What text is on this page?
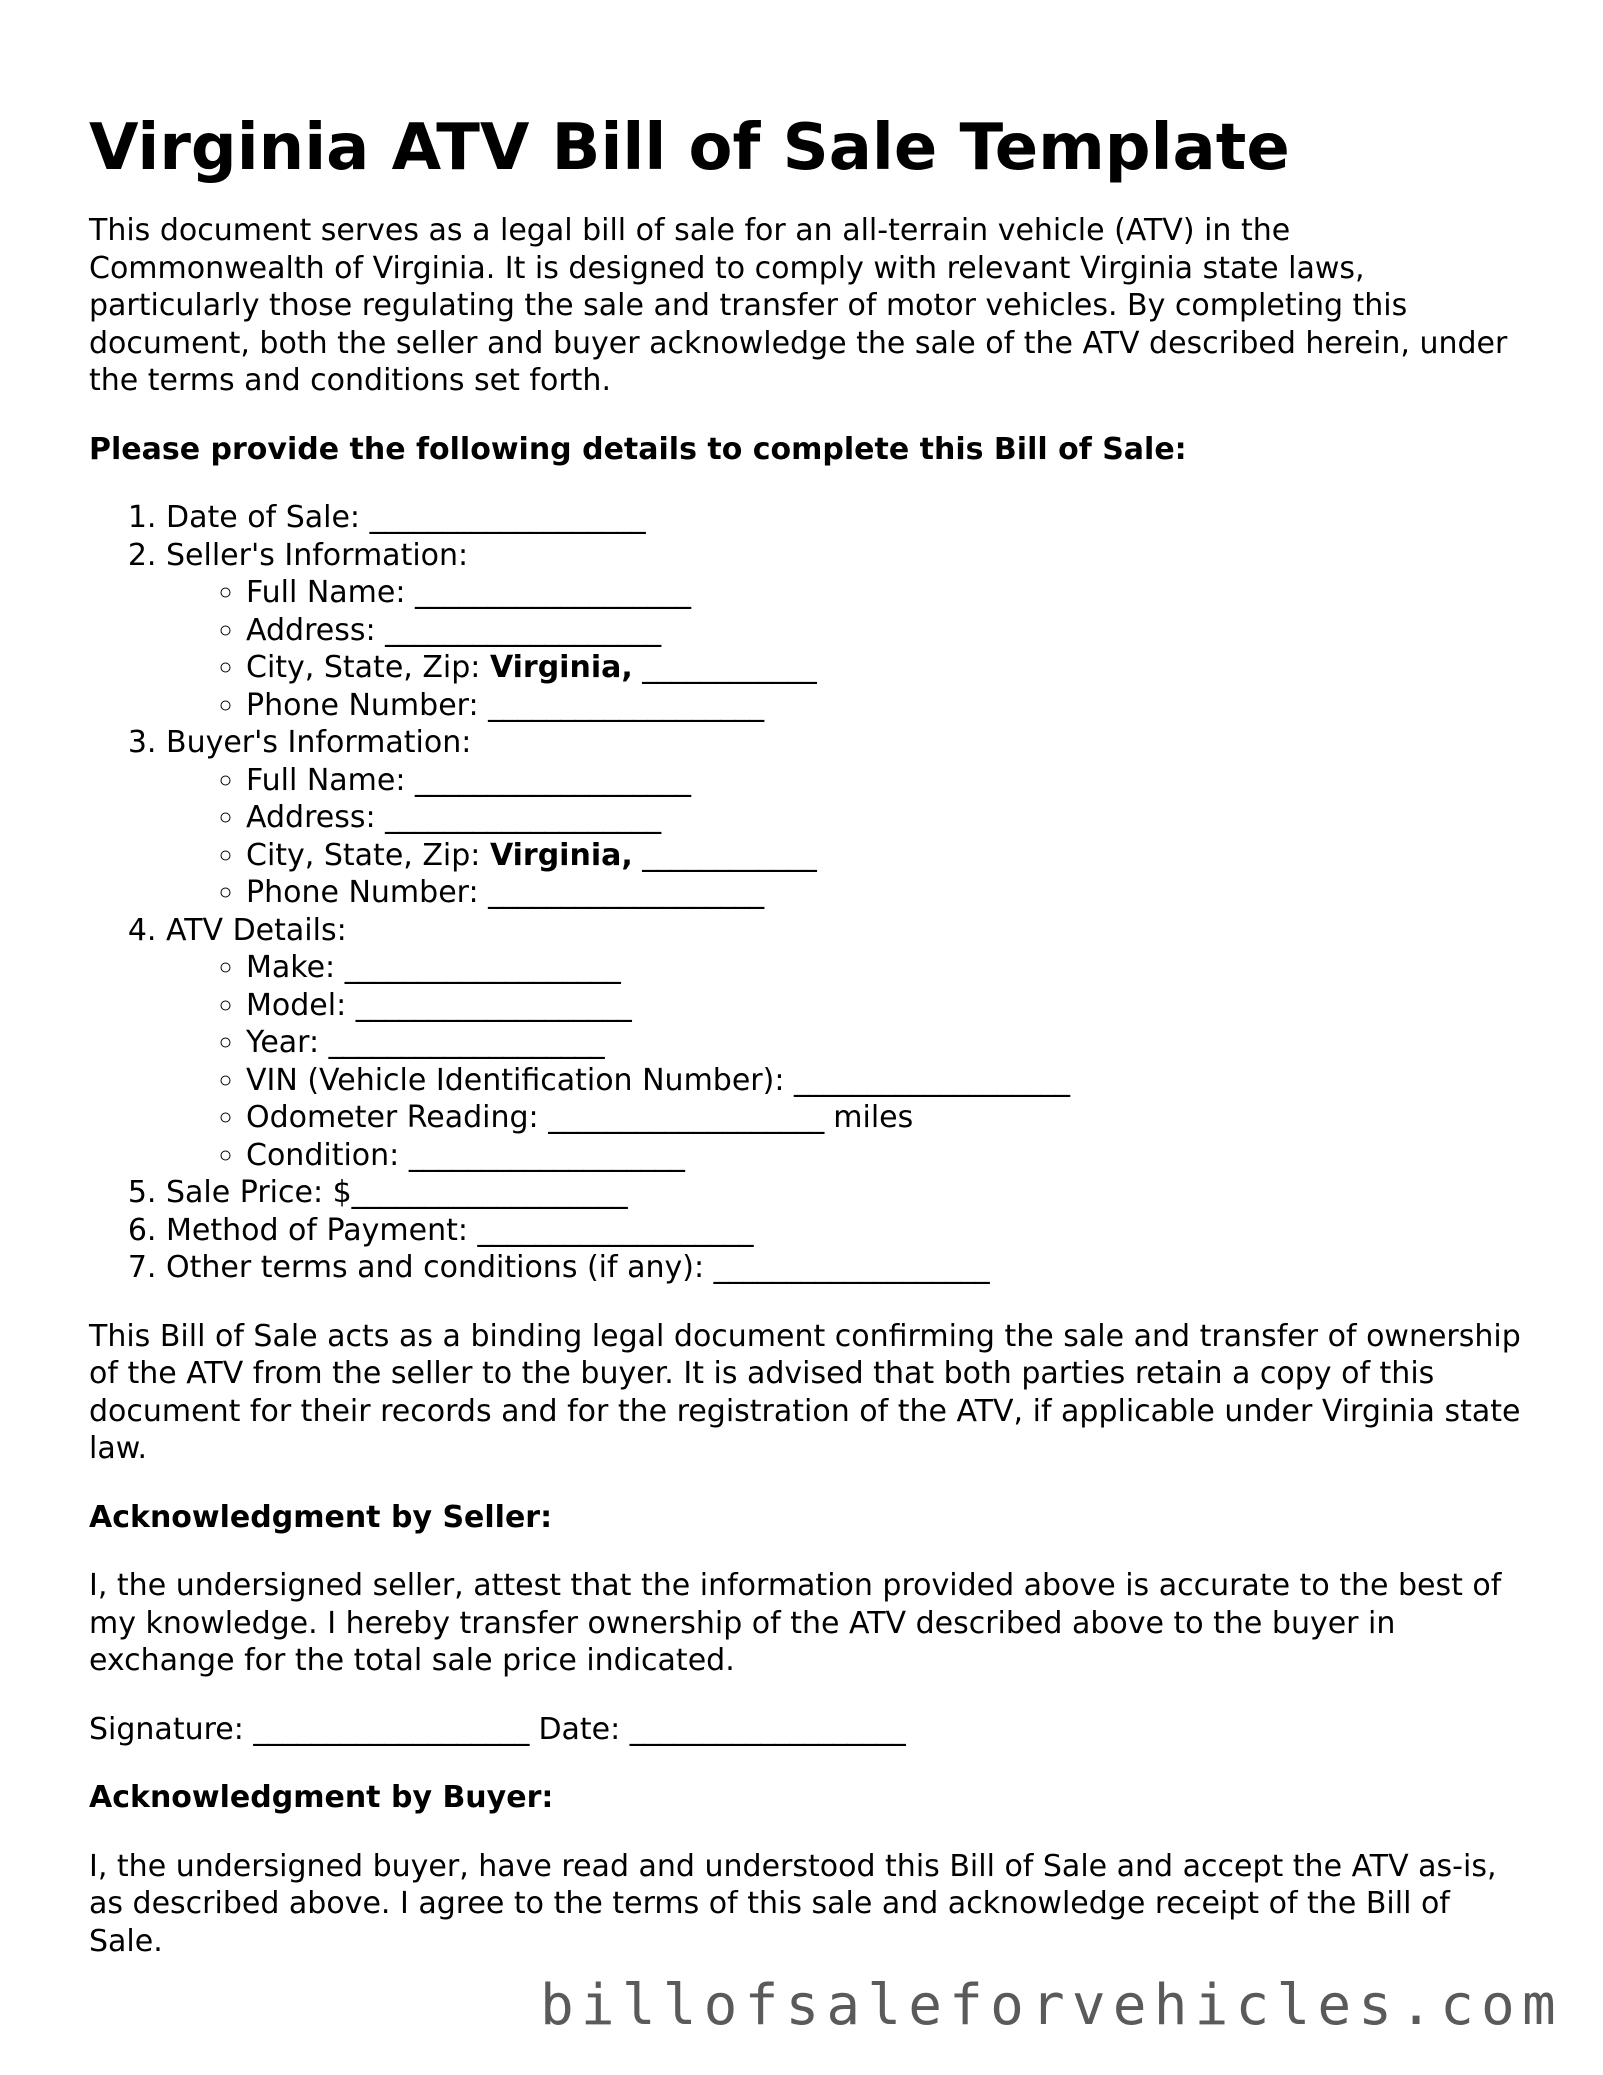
Virginia ATV Bill of Sale Template

This document serves as a legal bill of sale for an all-terrain vehicle (ATV) in the Commonwealth of Virginia. It is designed to comply with relevant Virginia state laws, particularly those regulating the sale and transfer of motor vehicles. By completing this document, both the seller and buyer acknowledge the sale of the ATV described herein, under the terms and conditions set forth.

Please provide the following details to complete this Bill of Sale:
1. Date of Sale: ___________________
2. Seller's Information:
◦ Full Name: ___________________
◦ Address: ___________________
◦ City, State, Zip: Virginia, ____________
◦ Phone Number: ___________________
3. Buyer's Information:
◦ Full Name: ___________________
◦ Address: ___________________
◦ City, State, Zip: Virginia, ____________
◦ Phone Number: ___________________
4. ATV Details:
◦ Make: ___________________
◦ Model: ___________________
◦ Year: ___________________
◦ VIN (Vehicle Identification Number): ___________________
◦ Odometer Reading: ___________________ miles
◦ Condition: ___________________
5. Sale Price: $___________________
6. Method of Payment: ___________________
7. Other terms and conditions (if any): ___________________

This Bill of Sale acts as a binding legal document confirming the sale and transfer of ownership of the ATV from the seller to the buyer. It is advised that both parties retain a copy of this document for their records and for the registration of the ATV, if applicable under Virginia state law.

Acknowledgment by Seller:

I, the undersigned seller, attest that the information provided above is accurate to the best of my knowledge. I hereby transfer ownership of the ATV described above to the buyer in exchange for the total sale price indicated.

Signature: ___________________ Date: ___________________
Acknowledgment by Buyer:

I, the undersigned buyer, have read and understood this Bill of Sale and accept the ATV as-is, as described above. I agree to the terms of this sale and acknowledge receipt of the Bill of Sale.

billofsaleforvehicles.com
